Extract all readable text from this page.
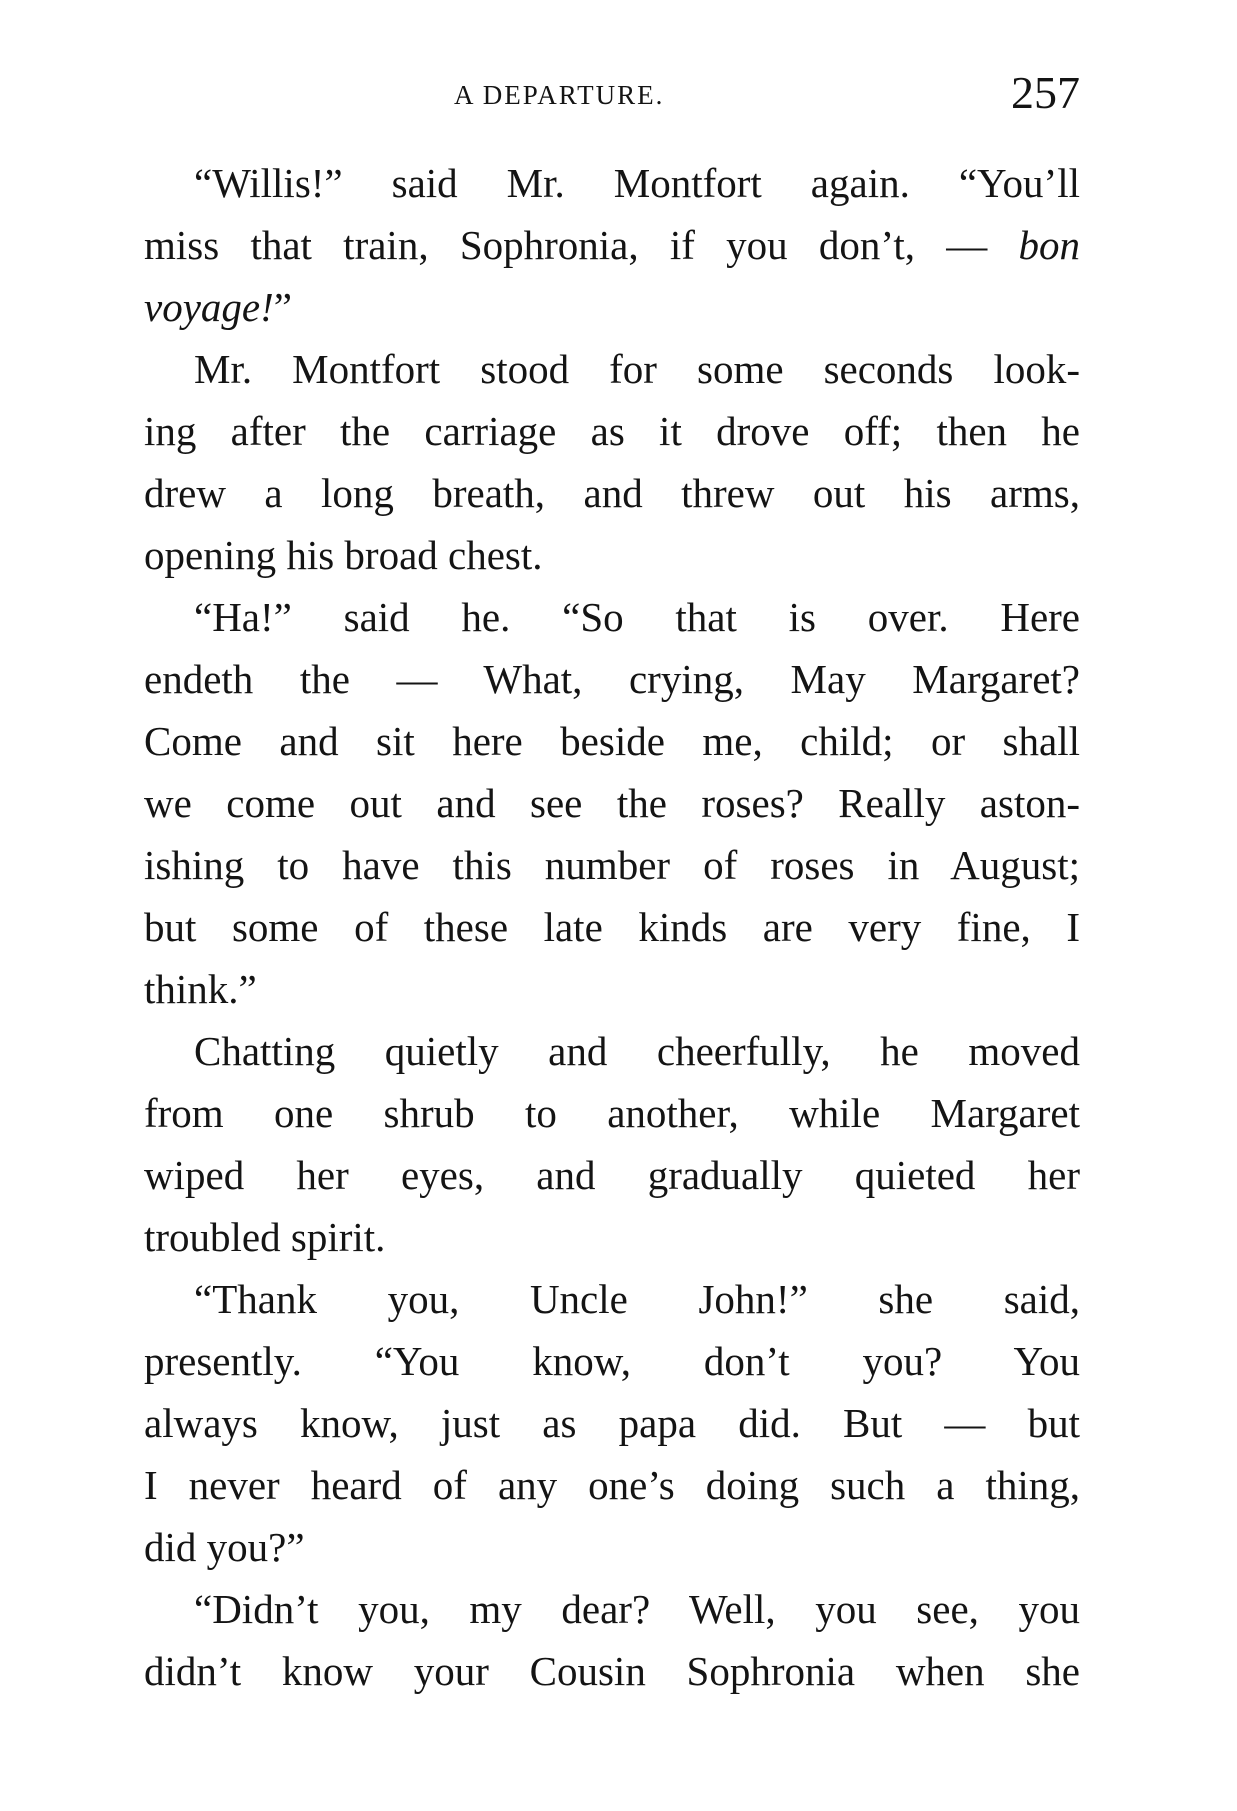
A DEPARTURE.	257
“Willis!” said Mr. Montfort again. “You’ll
miss that train, Sophronia, if you don’t, — bon
voyage!”
Mr. Montfort stood for some seconds look-
ing after the carriage as it drove off; then he
drew a long breath, and threw out his arms,
opening his broad chest.
“Ha!” said he. “So that is over. Here
endeth the — What, crying, May Margaret?
Come and sit here beside me, child; or shall
we come out and see the roses? Really aston-
ishing to have this number of roses in August;
but some of these late kinds are very fine, I
think.”
Chatting quietly and cheerfully, he moved
from one shrub to another, while Margaret
wiped her eyes, and gradually quieted her
troubled spirit.
“Thank you, Uncle John!” she said,
presently. “You know, don’t you? You
always know, just as papa did. But — but
I never heard of any one’s doing such a thing,
did you?”
“Didn’t you, my dear? Well, you see, you
didn’t know your Cousin Sophronia when she
